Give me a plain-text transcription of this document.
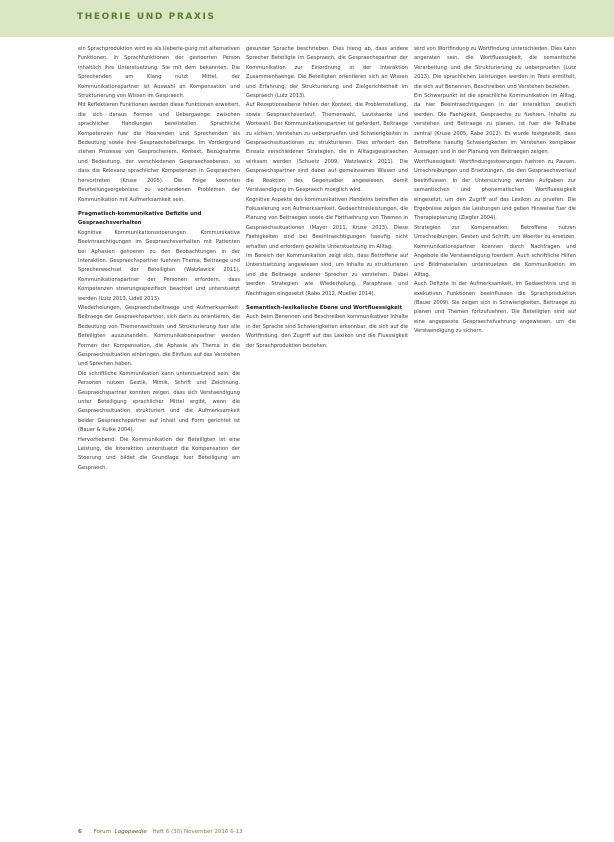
THEORIE UND PRAXIS

ein Sprachproduktion wird es als Ueberle-gung mit alternativen Funktionen. In Sprachfunktionen der gestoerten Person inhaltlich ihre Unterstuetzung: Sie mit dem bekannten. Die Sprechenden am Klang nutzt Mittel, der Kommunikationspartner ist Auswahl an Kompensation und Strukturierung von Wissen im Gespraech.

Mit Reflektieren Funktionen werden diese Funktionen erweitert, die sich daraus Formen und Uebergaenge zwischen sprachlicher Handlungen bereitstellen. Sprachliche Kompetenzen fuer die Hoerenden und Sprechenden als Bedeutung sowie ihre Gespraechsbeitraege. Im Vordergrund stehen Prozesse von Gesprochenem, Kontext, Bezugnahme und Bedeutung, der verschiedenen Gespraechsebenen, so dass die Relevanz sprachlicher Kompetenzen in Gespraechen hervortreten (Kruse 2005). Die Folge koennten Beurteilungsergebnisse zu vorhandenen Problemen der Kommunikation mit Aufmerksamkeit sein.

Pragmatisch-kommunikative Defizite und Gespraechsverhalten

Kognitive Kommunikationsstoerungen. Kommunikative Beeintraechtigungen im Gespraechsverhalten mit Patienten bei Aphasien gehoeren zu den Beobachtungen in der Interaktion. Gespraechspartner fuehren Thema, Beitraege und Sprecherwechsel der Beteiligten (Watzlawick 2011), Kommunikationspartner der Personen erfordern, dass Kompetenzen stoerungsspezifisch beachtet und unterstuetzt werden (Lutz 2013, Lidell 2013).

Wiederholungen, Gespraechsbeitraege und Aufmerksamkeit: Beitraege der Gespraechspartner, sich darin zu orientieren, die Bedeutung von Themenwechseln und Strukturierung fuer alle Beteiligten auszuhandeln. Kommunikationspartner werden Formen der Kompensation, die Aphasie als Thema in die Gespraechssituation einbringen, die Einfluss auf das Verstehen und Sprechen haben.

Die schriftliche Kommunikation kann unterstuetzend sein: die Personen nutzen Gestik, Mimik, Schrift und Zeichnung. Gespraechspartner konnten zeigen, dass sich Verstaendigung unter Beteiligung sprachlicher Mittel ergibt, wenn die Gespraechssituation strukturiert und die Aufmerksamkeit beider Gespraechspartner auf Inhalt und Form gerichtet ist (Bauer & Kulke 2004).

Hervorhebend: Die Kommunikation der Beteiligten ist eine Leistung, die Interaktion unterstuetzt die Kompensation der Stoerung und bildet die Grundlage fuer Beteiligung am Gespraech.

gesunder Sprache beschrieben. Dies hieng ab, dass andere Sprecher Beteiligte im Gespraech, die Gespraechspartner der Kommunikation zur Einordnung in der Interaktion Zusammenhaenge. Die Beteiligten orientieren sich an Wissen und Erfahrung, der Strukturierung und Zielgerichtetheit im Gespraech (Lutz 2013).

Auf Rezeptionsebene fehlen der Kontext, die Problemstellung, sowie Gespraechsverlauf, Themenwahl, Lautstaerke und Wortwahl. Der Kommunikationspartner ist gefordert, Beitraege zu sichern, Verstehen zu ueberpruefen und Schwierigkeiten in Gespraechssituationen zu strukturieren. Dies erfordert den Einsatz verschiedener Strategien, die in Alltagsgespraechen wirksam werden (Schuetz 2009, Watzlawick 2011). Die Gespraechspartner sind dabei auf gemeinsames Wissen und die Reaktion des Gegenueber angewiesen, damit Verstaendigung im Gespraech moeglich wird.

Kognitive Aspekte des kommunikativen Handelns betreffen die Fokussierung von Aufmerksamkeit, Gedaechtnisleistungen, die Planung von Beitraegen sowie die Fortfuehrung von Themen in Gespraechssituationen (Mayer 2011, Kruse 2013). Diese Faehigkeiten sind bei Beeintraechtigungen haeufig nicht erhalten und erfordern gezielte Unterstuetzung im Alltag.

Im Bereich der Kommunikation zeigt sich, dass Betroffene auf Unterstuetzung angewiesen sind, um Inhalte zu strukturieren und die Beitraege anderer Sprecher zu verstehen. Dabei werden Strategien wie Wiederholung, Paraphrase und Nachfragen eingesetzt (Rabe 2012, Mueller 2014).

Semantisch-lexikalische Ebene und Wortfluessigkeit

Auch beim Benennen und Beschreiben kommunikativer Inhalte in der Sprache sind Schwierigkeiten erkennbar, die sich auf die Wortfindung, den Zugriff auf das Lexikon und die Fluessigkeit der Sprachproduktion beziehen.

wird von Wortfindung zu Wortfindung unterschieden. Dies kann angeraten sein, die Wortfluessigkeit, die semantische Verarbeitung und die Strukturierung zu ueberpruefen (Lutz 2013). Die sprachlichen Leistungen werden in Tests ermittelt, die sich auf Benennen, Beschreiben und Verstehen beziehen.

Ein Schwerpunkt ist die sprachliche Kommunikation im Alltag, da hier Beeintraechtigungen in der Interaktion deutlich werden. Die Faehigkeit, Gespraeche zu fuehren, Inhalte zu verstehen und Beitraege zu planen, ist fuer die Teilhabe zentral (Kruse 2005, Rabe 2012). Es wurde festgestellt, dass Betroffene haeufig Schwierigkeiten im Verstehen komplexer Aussagen und in der Planung von Beitraegen zeigen.

Wortfluessigkeit: Wortfindungsstoerungen fuehren zu Pausen, Umschreibungen und Ersetzungen, die den Gespraechsverlauf beeinflussen. In der Untersuchung werden Aufgaben zur semantischen und phonematischen Wortfluessigkeit eingesetzt, um den Zugriff auf das Lexikon zu pruefen. Die Ergebnisse zeigen die Leistungen und geben Hinweise fuer die Therapieplanung (Ziegler 2004).

Strategien zur Kompensation: Betroffene nutzen Umschreibungen, Gesten und Schrift, um Woerter zu ersetzen. Kommunikationspartner koennen durch Nachfragen und Angebote die Verstaendigung foerdern. Auch schriftliche Hilfen und Bildmaterialien unterstuetzen die Kommunikation im Alltag.

Auch Defizite in der Aufmerksamkeit, im Gedaechtnis und in exekutiven Funktionen beeinflussen die Sprachproduktion (Bauer 2009). Sie zeigen sich in Schwierigkeiten, Beitraege zu planen und Themen fortzufuehren. Die Beteiligten sind auf eine angepasste Gespraechsfuehrung angewiesen, um die Verstaendigung zu sichern.

6 Forum Logopaedie Heft 6 (30) November 2016 6-13
